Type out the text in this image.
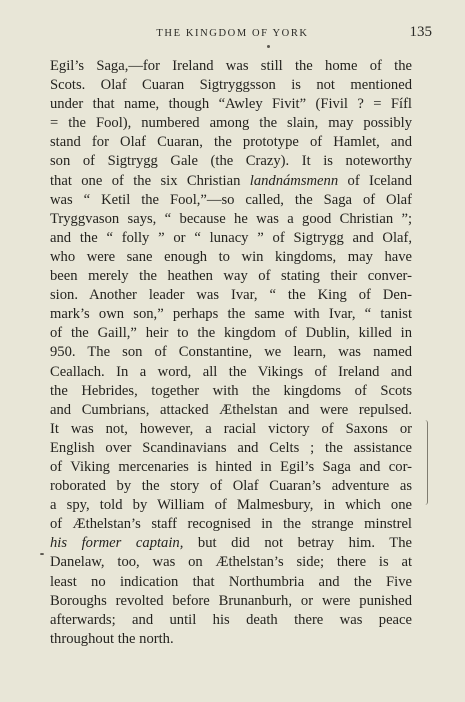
THE KINGDOM OF YORK	135
Egil’s Saga,—for Ireland was still the home of the
Scots. Olaf Cuaran Sigtryggsson is not mentioned
under that name, though “Awley Fivit” (Fivil ? = Fífl
= the Fool), numbered among the slain, may possibly
stand for Olaf Cuaran, the prototype of Hamlet, and
son of Sigtrygg Gale (the Crazy). It is noteworthy
that one of the six Christian landnámsmenn of Iceland
was “ Ketil the Fool,”—so called, the Saga of Olaf
Tryggvason says, “ because he was a good Christian ”;
and the “ folly ” or “ lunacy ” of Sigtrygg and Olaf,
who were sane enough to win kingdoms, may have
been merely the heathen way of stating their conver-
sion. Another leader was Ivar, “ the King of Den-
mark’s own son,” perhaps the same with Ivar, “ tanist
of the Gaill,” heir to the kingdom of Dublin, killed in
950. The son of Constantine, we learn, was named
Ceallach. In a word, all the Vikings of Ireland and
the Hebrides, together with the kingdoms of Scots
and Cumbrians, attacked Æthelstan and were repulsed.
It was not, however, a racial victory of Saxons or
English over Scandinavians and Celts ; the assistance
of Viking mercenaries is hinted in Egil’s Saga and cor-
roborated by the story of Olaf Cuaran’s adventure as
a spy, told by William of Malmesbury, in which one
of Æthelstan’s staff recognised in the strange minstrel
his former captain, but did not betray him. The
Danelaw, too, was on Æthelstan’s side; there is at
least no indication that Northumbria and the Five
Boroughs revolted before Brunanburh, or were punished
afterwards; and until his death there was peace
throughout the north.
